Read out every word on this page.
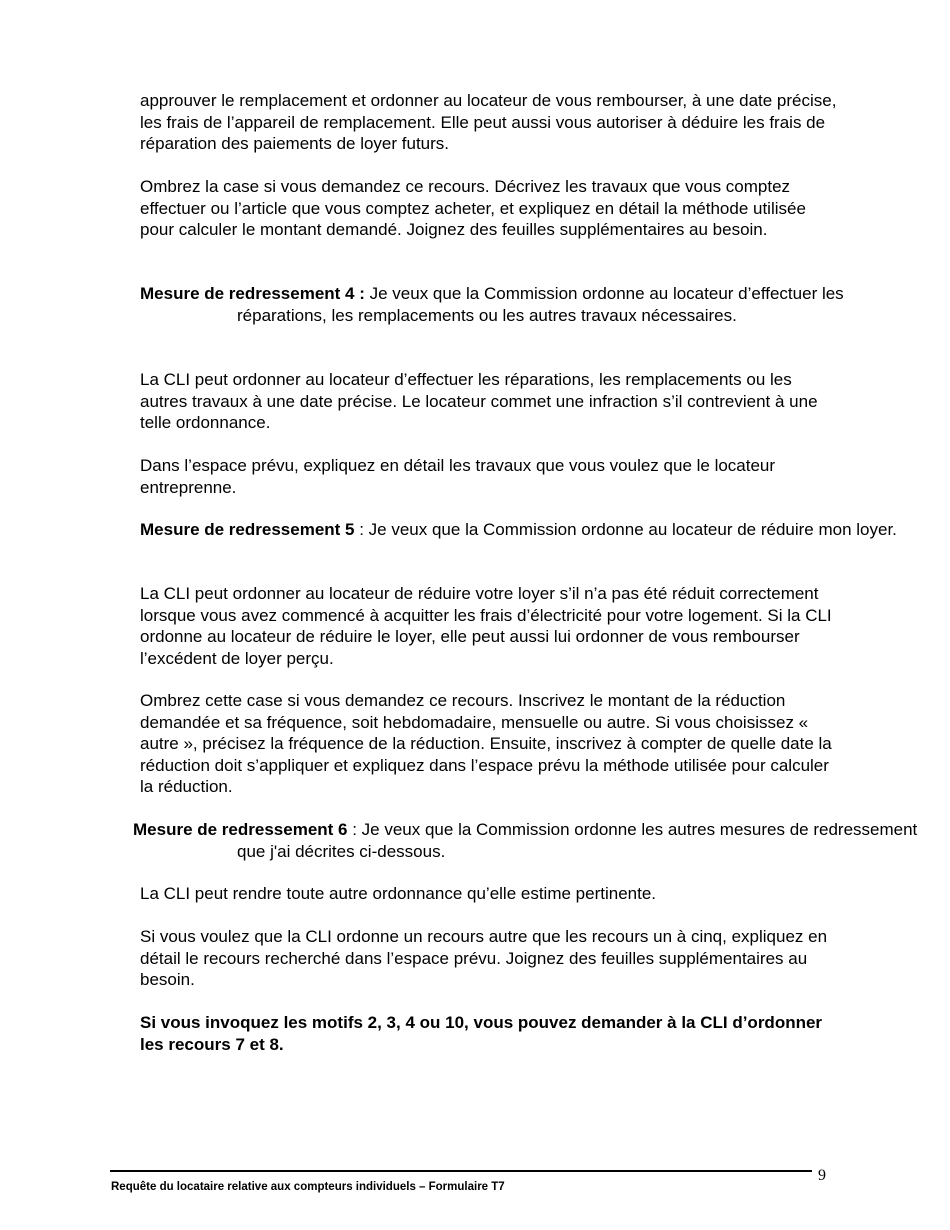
approuver le remplacement et ordonner au locateur de vous rembourser, à une date précise, les frais de l’appareil de remplacement. Elle peut aussi vous autoriser à déduire les frais de réparation des paiements de loyer futurs.

Ombrez la case si vous demandez ce recours. Décrivez les travaux que vous comptez effectuer ou l’article que vous comptez acheter, et expliquez en détail la méthode utilisée pour calculer le montant demandé. Joignez des feuilles supplémentaires au besoin.

Mesure de redressement 4 : Je veux que la Commission ordonne au locateur d’effectuer les réparations, les remplacements ou les autres travaux nécessaires.

La CLI peut ordonner au locateur d’effectuer les réparations, les remplacements ou les autres travaux à une date précise. Le locateur commet une infraction s’il contrevient à une telle ordonnance.

Dans l’espace prévu, expliquez en détail les travaux que vous voulez que le locateur entreprenne.

Mesure de redressement 5 : Je veux que la Commission ordonne au locateur de réduire mon loyer.

La CLI peut ordonner au locateur de réduire votre loyer s’il n’a pas été réduit correctement lorsque vous avez commencé à acquitter les frais d’électricité pour votre logement. Si la CLI ordonne au locateur de réduire le loyer, elle peut aussi lui ordonner de vous rembourser l’excédent de loyer perçu.

Ombrez cette case si vous demandez ce recours. Inscrivez le montant de la réduction demandée et sa fréquence, soit hebdomadaire, mensuelle ou autre. Si vous choisissez « autre », précisez la fréquence de la réduction. Ensuite, inscrivez à compter de quelle date la réduction doit s’appliquer et expliquez dans l’espace prévu la méthode utilisée pour calculer la réduction.

Mesure de redressement 6 : Je veux que la Commission ordonne les autres mesures de redressement que j'ai décrites ci-dessous.

La CLI peut rendre toute autre ordonnance qu’elle estime pertinente.

Si vous voulez que la CLI ordonne un recours autre que les recours un à cinq, expliquez en détail le recours recherché dans l’espace prévu. Joignez des feuilles supplémentaires au besoin.

Si vous invoquez les motifs 2, 3, 4 ou 10, vous pouvez demander à la CLI d’ordonner les recours 7 et 8.

Requête du locataire relative aux compteurs individuels – Formulaire T7
9
